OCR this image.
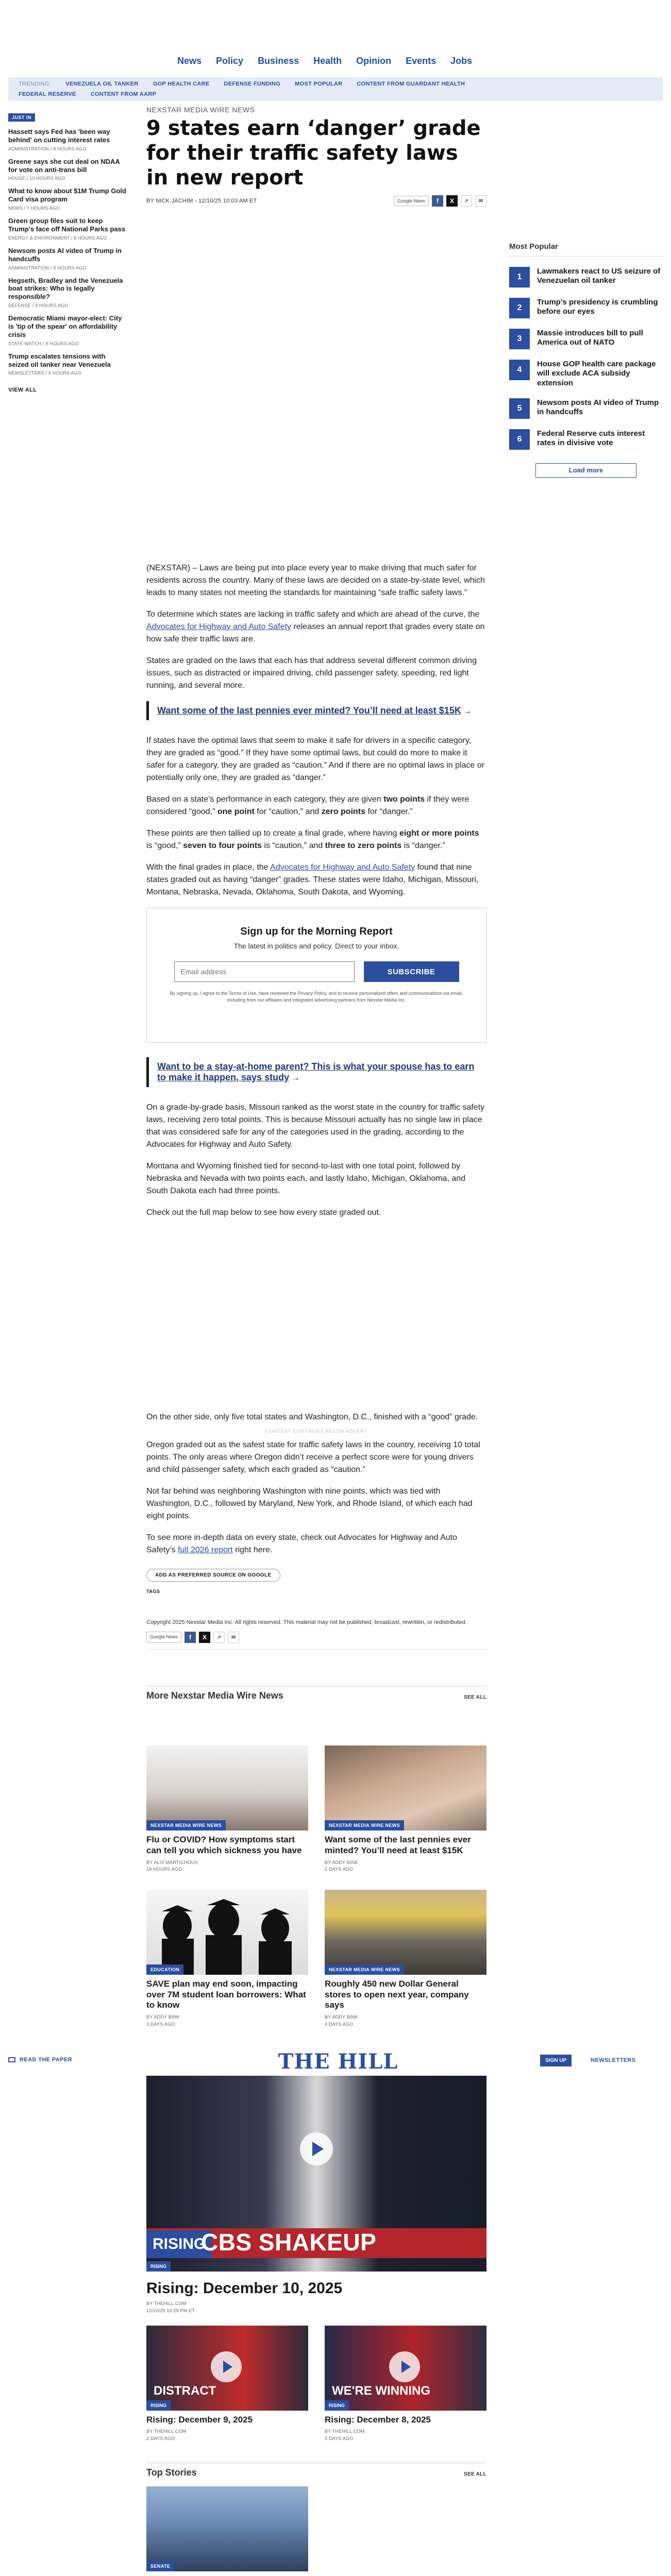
News Policy Business Health Opinion Events Jobs
TRENDING:	VENEZUELA OIL TANKER	GOP HEALTH CARE	DEFENSE FUNDING	MOST POPULAR	CONTENT FROM GUARDANT HEALTH
FEDERAL RESERVE	CONTENT FROM AARP
JUST IN
Hassett says Fed has 'been way behind' on cutting interest rates
ADMINISTRATION / 8 HOURS AGO
Greene says she cut deal on NDAA for vote on anti-trans bill
HOUSE / 10 HOURS AGO
What to know about $1M Trump Gold Card visa program
NEWS / 7 HOURS AGO
Green group files suit to keep Trump's face off National Parks pass
ENERGY & ENVIRONMENT / 8 HOURS AGO
Newsom posts AI video of Trump in handcuffs
ADMINISTRATION / 8 HOURS AGO
Hegseth, Bradley and the Venezuela boat strikes: Who is legally responsible?
DEFENSE / 9 HOURS AGO
Democratic Miami mayor-elect: City is 'tip of the spear' on affordability crisis
STATE WATCH / 9 HOURS AGO
Trump escalates tensions with seized oil tanker near Venezuela
NEWSLETTERS / 9 HOURS AGO
VIEW ALL
NEXSTAR MEDIA WIRE NEWS
9 states earn ‘danger’ grade for their traffic safety laws in new report
BY NICK JACHIM - 12/10/25 10:03 AM ET	Google News	f	X	↗	✉

(NEXSTAR) – Laws are being put into place every year to make driving that much safer for residents across the country. Many of these laws are decided on a state-by-state level, which leads to many states not meeting the standards for maintaining “safe traffic safety laws.”

To determine which states are lacking in traffic safety and which are ahead of the curve, the Advocates for Highway and Auto Safety releases an annual report that grades every state on how safe their traffic laws are.

States are graded on the laws that each has that address several different common driving issues, such as distracted or impaired driving, child passenger safety, speeding, red light running, and several more.

Want some of the last pennies ever minted? You’ll need at least $15K →

If states have the optimal laws that seem to make it safe for drivers in a specific category, they are graded as “good.” If they have some optimal laws, but could do more to make it safer for a category, they are graded as “caution.” And if there are no optimal laws in place or potentially only one, they are graded as “danger.”

Based on a state’s performance in each category, they are given two points if they were considered “good,” one point for “caution,” and zero points for “danger.”

These points are then tallied up to create a final grade, where having eight or more points is “good,” seven to four points is “caution,” and three to zero points is “danger.”

With the final grades in place, the Advocates for Highway and Auto Safety found that nine states graded out as having “danger” grades. These states were Idaho, Michigan, Missouri, Montana, Nebraska, Nevada, Oklahoma, South Dakota, and Wyoming.

Sign up for the Morning Report
The latest in politics and policy. Direct to your inbox.
Email address
SUBSCRIBE
By signing up, I agree to the Terms of Use, have reviewed the Privacy Policy, and to receive personalized offers and communications via email, including from our affiliates and integrated advertising partners from Nexstar Media Inc.
Want to be a stay-at-home parent? This is what your spouse has to earn to make it happen, says study →

On a grade-by-grade basis, Missouri ranked as the worst state in the country for traffic safety laws, receiving zero total points. This is because Missouri actually has no single law in place that was considered safe for any of the categories used in the grading, according to the Advocates for Highway and Auto Safety.

Montana and Wyoming finished tied for second-to-last with one total point, followed by Nebraska and Nevada with two points each, and lastly Idaho, Michigan, Oklahoma, and South Dakota each had three points.

Check out the full map below to see how every state graded out.

On the other side, only five total states and Washington, D.C., finished with a “good” grade.

CONTENT CONTINUES BELOW ADVERT

Oregon graded out as the safest state for traffic safety laws in the country, receiving 10 total points. The only areas where Oregon didn’t receive a perfect score were for young drivers and child passenger safety, which each graded as “caution.”

Not far behind was neighboring Washington with nine points, which was tied with Washington, D.C., followed by Maryland, New York, and Rhode Island, of which each had eight points.

To see more in-depth data on every state, check out Advocates for Highway and Auto Safety’s full 2026 report right here.

ADD AS PREFERRED SOURCE ON GOOGLE
TAGS
Copyright 2025 Nexstar Media Inc. All rights reserved. This material may not be published, broadcast, rewritten, or redistributed.
Google News	f	X	↗	✉
More Nexstar Media Wire News	SEE ALL
NEXSTAR MEDIA WIRE NEWS
Flu or COVID? How symptoms start can tell you which sickness you have
BY ALIX MARTICHOUX
18 HOURS AGO
NEXSTAR MEDIA WIRE NEWS
Want some of the last pennies ever minted? You’ll need at least $15K
BY ADDY BINK
2 DAYS AGO
EDUCATION
SAVE plan may end soon, impacting over 7M student loan borrowers: What to know
BY ADDY BINK
3 DAYS AGO
NEXSTAR MEDIA WIRE NEWS
Roughly 450 new Dollar General stores to open next year, company says
BY ADDY BINK
4 DAYS AGO
RISING
CBS SHAKEUP
RISING
Rising: December 10, 2025
BY THEHILL.COM
12/10/25 10:29 PM ET
DISTRACT
RISING
Rising: December 9, 2025
BY THEHILL.COM
2 DAYS AGO
WE'RE WINNING
RISING
Rising: December 8, 2025
BY THEHILL.COM
3 DAYS AGO
Top Stories	SEE ALL
SENATE
Most Popular
1
Lawmakers react to US seizure of Venezuelan oil tanker
2
Trump’s presidency is crumbling before our eyes
3
Massie introduces bill to pull America out of NATO
4
House GOP health care package will exclude ACA subsidy extension
5
Newsom posts AI video of Trump in handcuffs
6
Federal Reserve cuts interest rates in divisive vote
Load more
READ THE PAPER	THE HILL	SIGN UP	NEWSLETTERS
